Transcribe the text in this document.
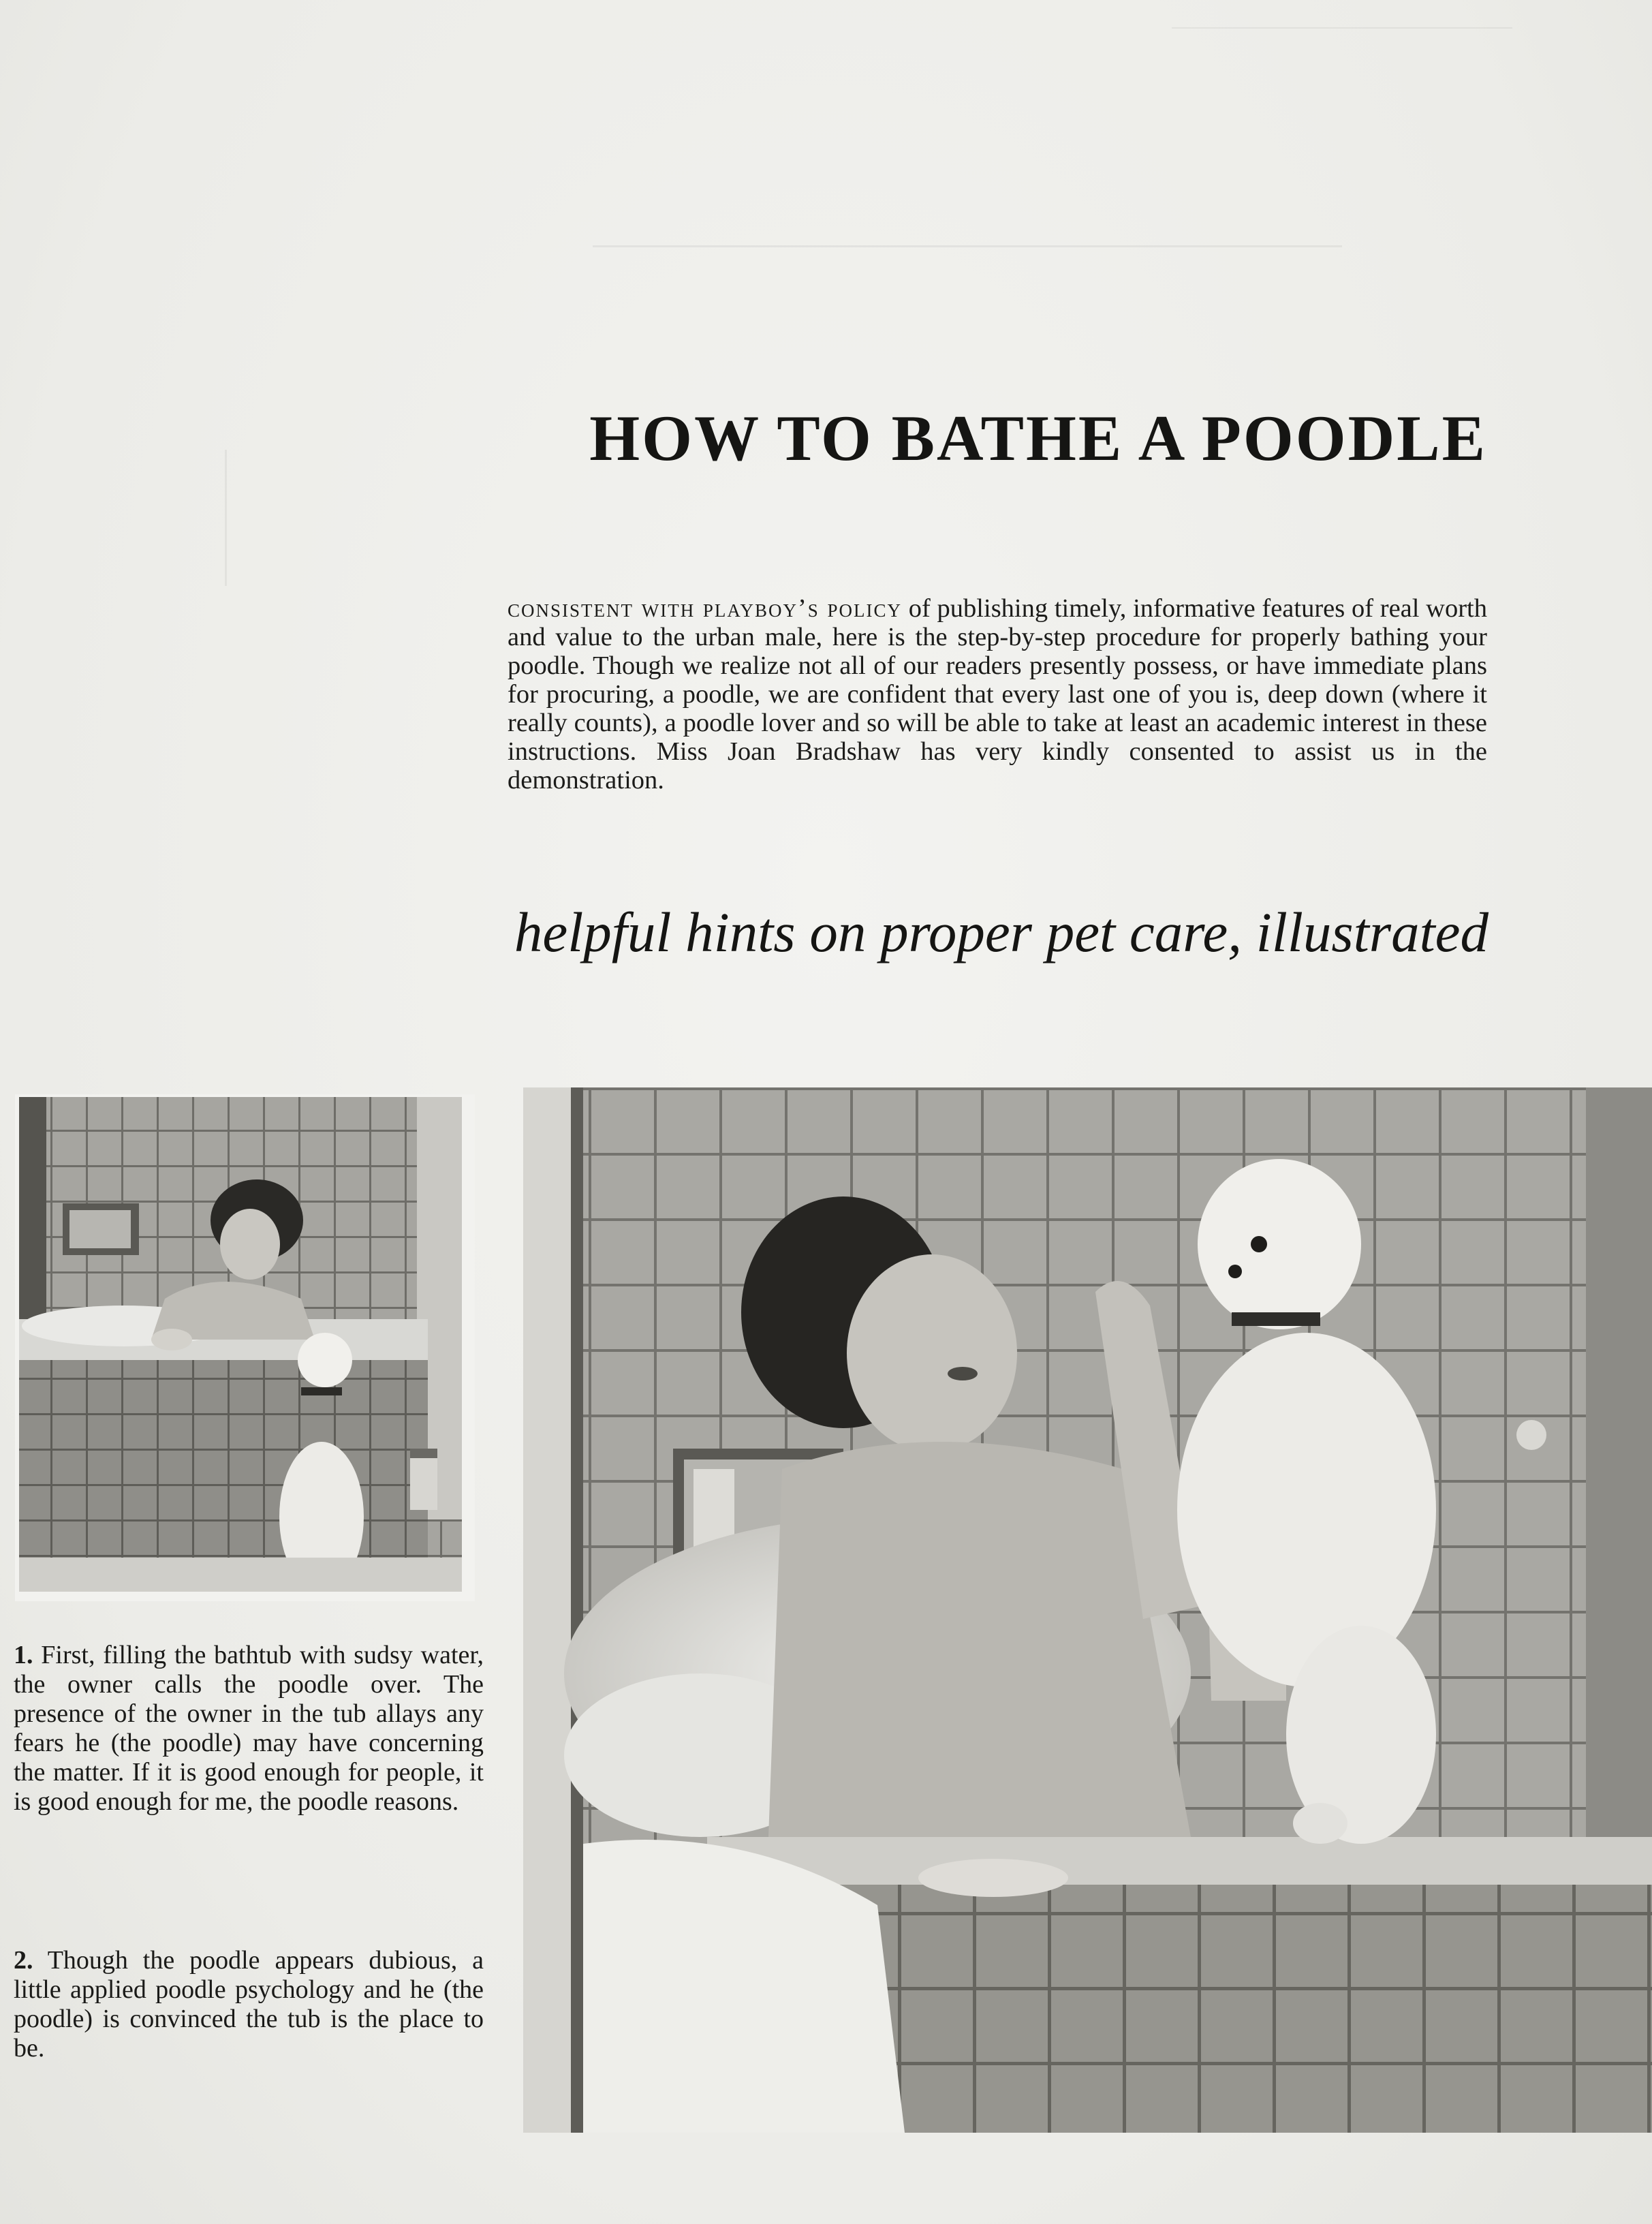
HOW TO BATHE A POODLE
consistent with playboy’s policy of publishing timely, informative features of real worth and value to the urban male, here is the step-by-step procedure for properly bathing your poodle. Though we realize not all of our readers presently possess, or have immediate plans for procuring, a poodle, we are confident that every last one of you is, deep down (where it really counts), a poodle lover and so will be able to take at least an academic interest in these instructions. Miss Joan Bradshaw has very kindly consented to assist us in the demonstration.
helpful hints on proper pet care, illustrated
1. First, filling the bathtub with sudsy water, the owner calls the poodle over. The presence of the owner in the tub allays any fears he (the poodle) may have concerning the matter. If it is good enough for people, it is good enough for me, the poodle reasons.
2. Though the poodle appears dubious, a little applied poodle psychology and he (the poodle) is convinced the tub is the place to be.
